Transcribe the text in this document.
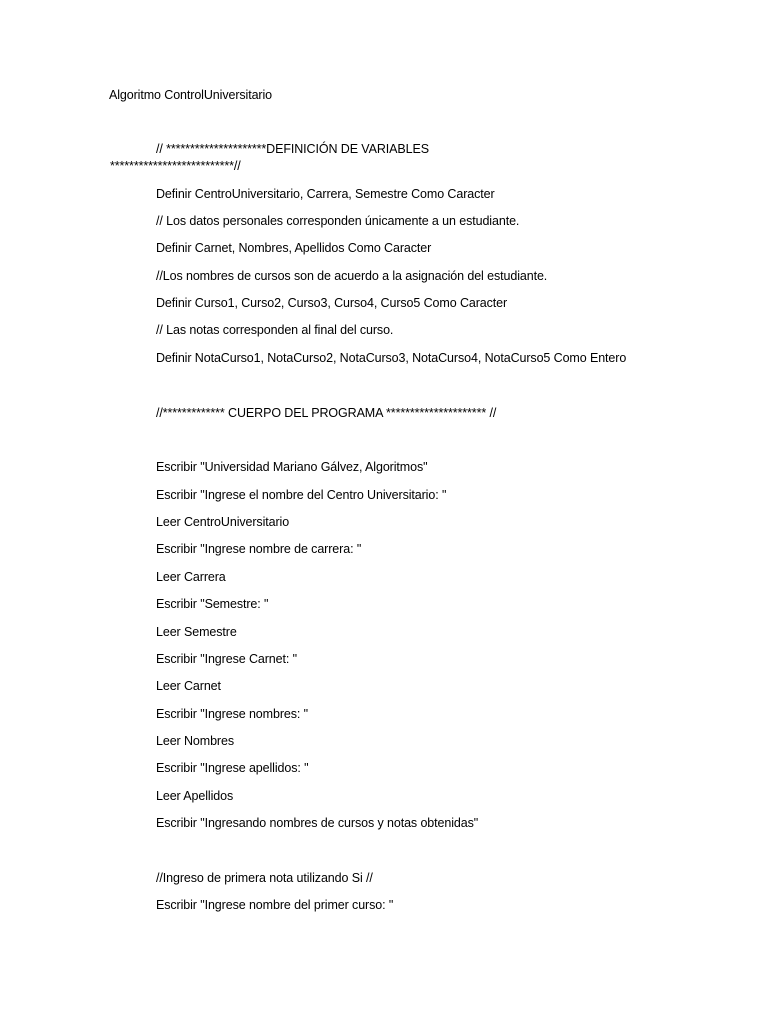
Algoritmo ControlUniversitario
// *********************DEFINICIÓN DE VARIABLES
**************************//
Definir CentroUniversitario, Carrera, Semestre Como Caracter
// Los datos personales corresponden únicamente a un estudiante.
Definir Carnet, Nombres, Apellidos Como Caracter
//Los nombres de cursos son de acuerdo a la asignación del estudiante.
Definir Curso1, Curso2, Curso3, Curso4, Curso5 Como Caracter
// Las notas corresponden al final del curso.
Definir NotaCurso1, NotaCurso2, NotaCurso3, NotaCurso4, NotaCurso5 Como Entero
//************* CUERPO DEL PROGRAMA ********************* //
Escribir "Universidad Mariano Gálvez, Algoritmos"
Escribir "Ingrese el nombre del Centro Universitario: "
Leer CentroUniversitario
Escribir "Ingrese nombre de carrera: "
Leer Carrera
Escribir "Semestre: "
Leer Semestre
Escribir "Ingrese Carnet: "
Leer Carnet
Escribir "Ingrese nombres: "
Leer Nombres
Escribir "Ingrese apellidos: "
Leer Apellidos
Escribir "Ingresando nombres de cursos y notas obtenidas"
//Ingreso de primera nota utilizando Si //
Escribir "Ingrese nombre del primer curso: "
